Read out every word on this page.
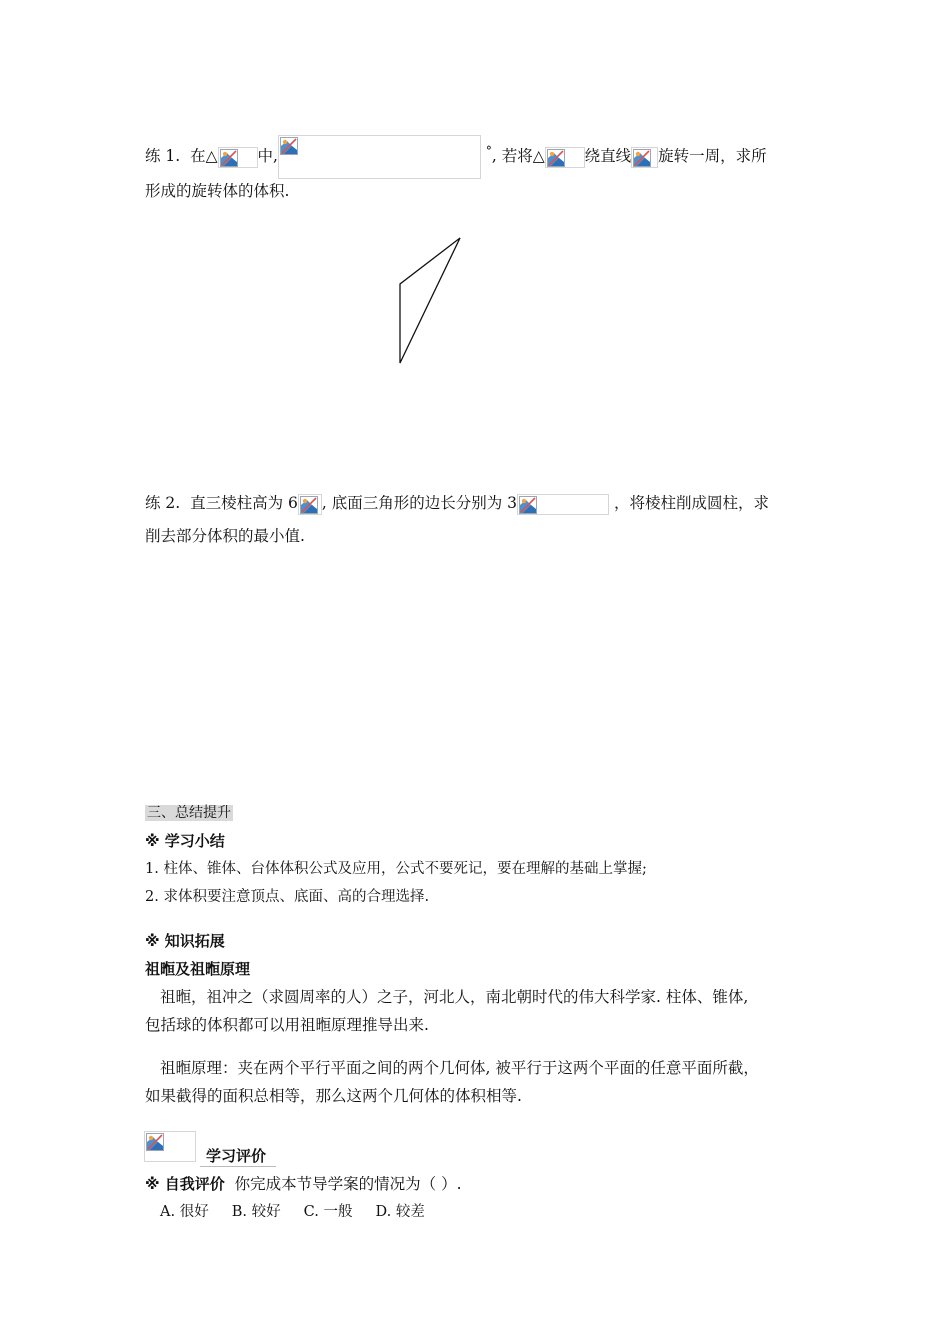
练 1. 在△	中,	°, 若将△	绕直线 旋转一周，求所
形成的旋转体的体积.
练 2. 直三棱柱高为 6 , 底面三角形的边长分别为 3	，将棱柱削成圆柱，求
削去部分体积的最小值.
三、总结提升
※ 学习小结
1. 柱体、锥体、台体体积公式及应用，公式不要死记，要在理解的基础上掌握;
2. 求体积要注意顶点、底面、高的合理选择.
※ 知识拓展
祖暅及祖暅原理
祖暅，祖冲之（求圆周率的人）之子，河北人，南北朝时代的伟大科学家. 柱体、锥体,
包括球的体积都可以用祖暅原理推导出来.
祖暅原理：夹在两个平行平面之间的两个几何体, 被平行于这两个平面的任意平面所截，
如果截得的面积总相等，那么这两个几何体的体积相等.
学习评价
※ 自我评价 你完成本节导学案的情况为（ ）.
A. 很好 B. 较好 C. 一般 D. 较差
